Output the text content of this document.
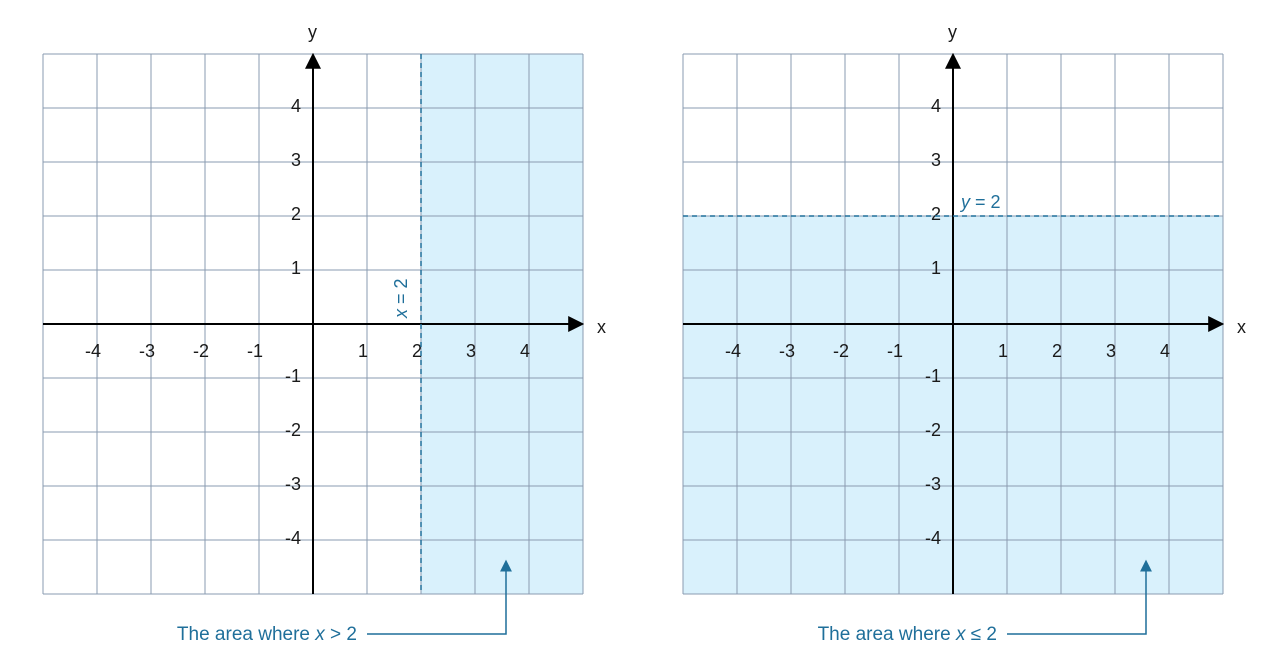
x
y
-4 -3 -2 -1	1 2 3 4
4
3
2
1
-1
-2
-3
-4
x = 2
The area where x > 2
x
y
-4 -3 -2 -1	1 2 3 4
4
3
2
1
-1
-2
-3
-4
y = 2
The area where x ≤ 2
